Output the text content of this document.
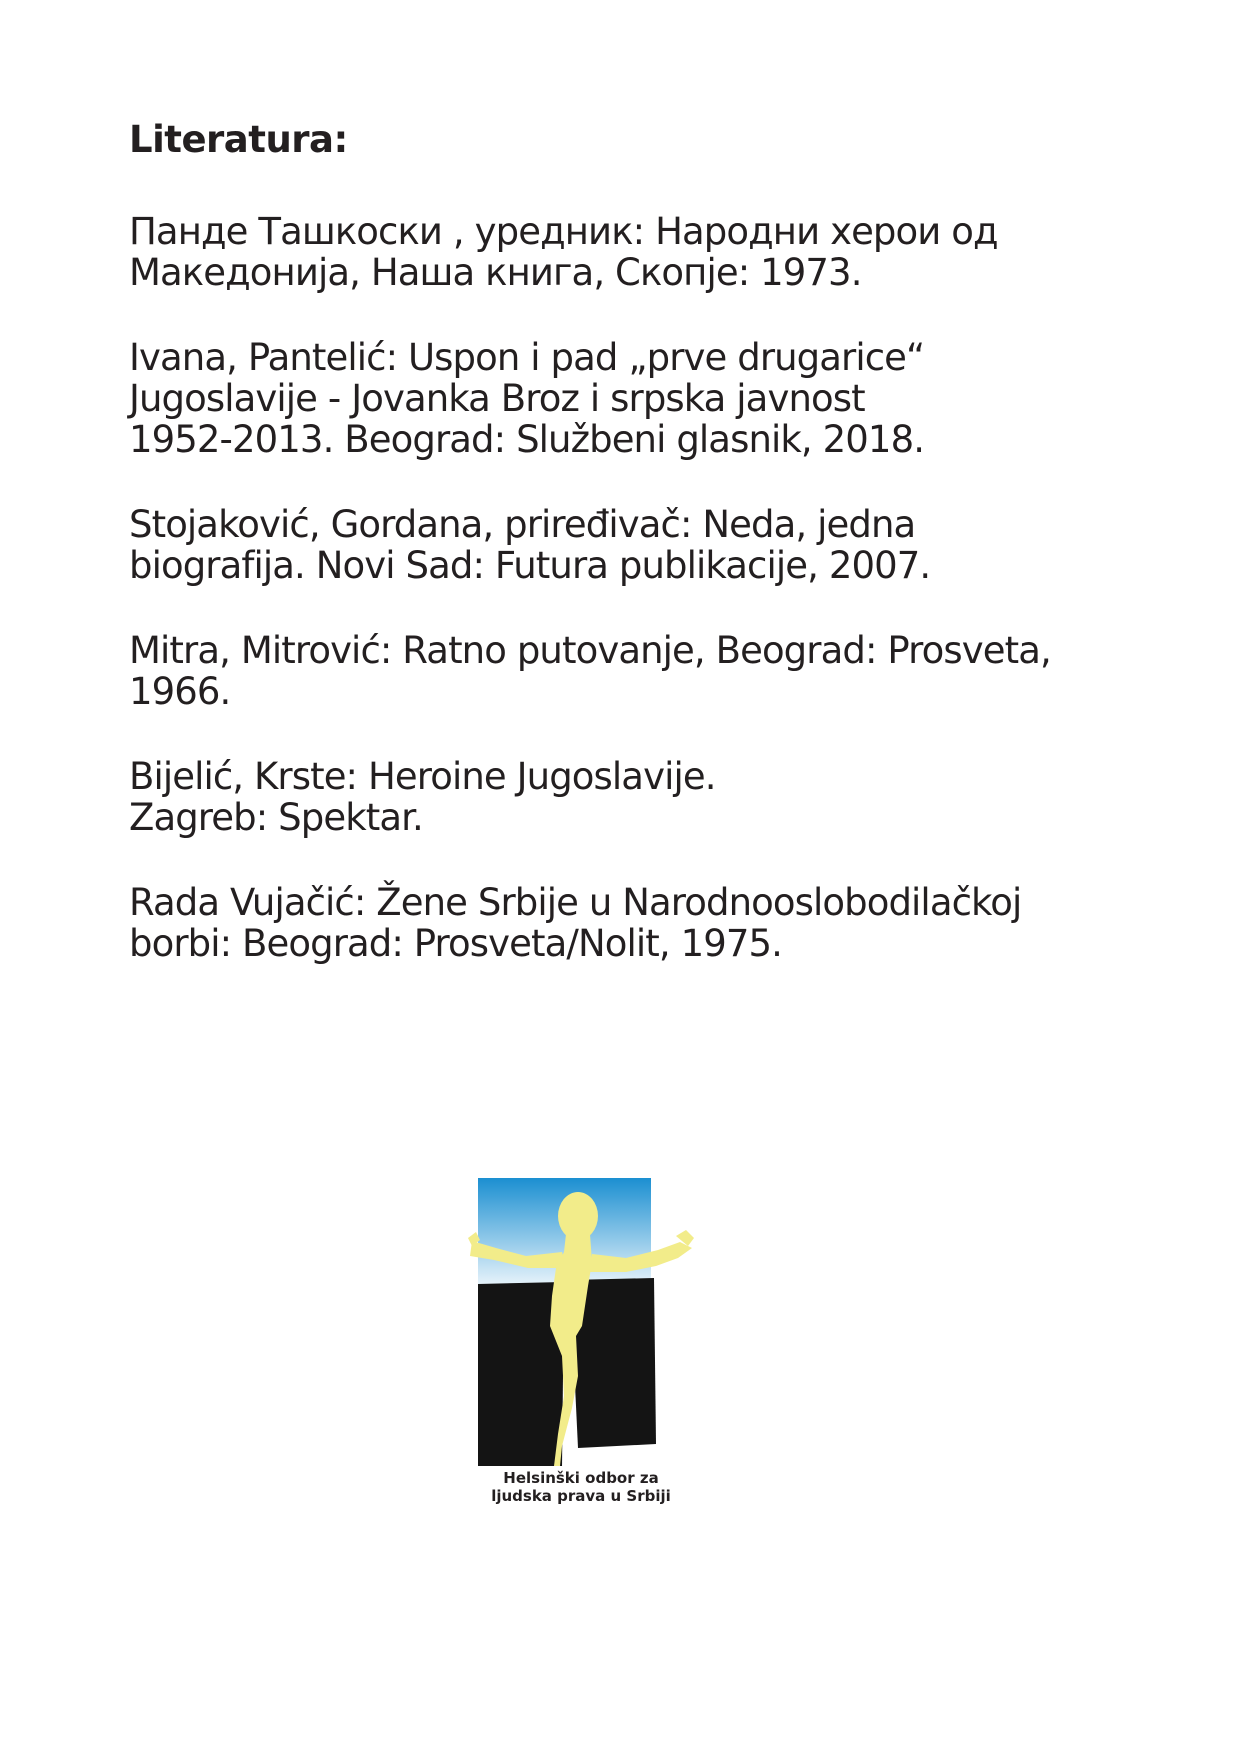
Literatura:
Панде Ташкоски , уредник: Народни херои од
Македонија, Наша книга, Скопје: 1973.
Ivana, Pantelić: Uspon i pad „prve drugarice“
Jugoslavije - Jovanka Broz i srpska javnost
1952-2013. Beograd: Službeni glasnik, 2018.
Stojaković, Gordana, priređivač: Neda, jedna
biografija. Novi Sad: Futura publikacije, 2007.
Mitra, Mitrović: Ratno putovanje, Beograd: Prosveta,
1966.
Bijelić, Krste: Heroine Jugoslavije.
Zagreb: Spektar.
Rada Vujačić: Žene Srbije u Narodnooslobodilačkoj
borbi: Beograd: Prosveta/Nolit, 1975.
Helsinški odbor za
ljudska prava u Srbiji
